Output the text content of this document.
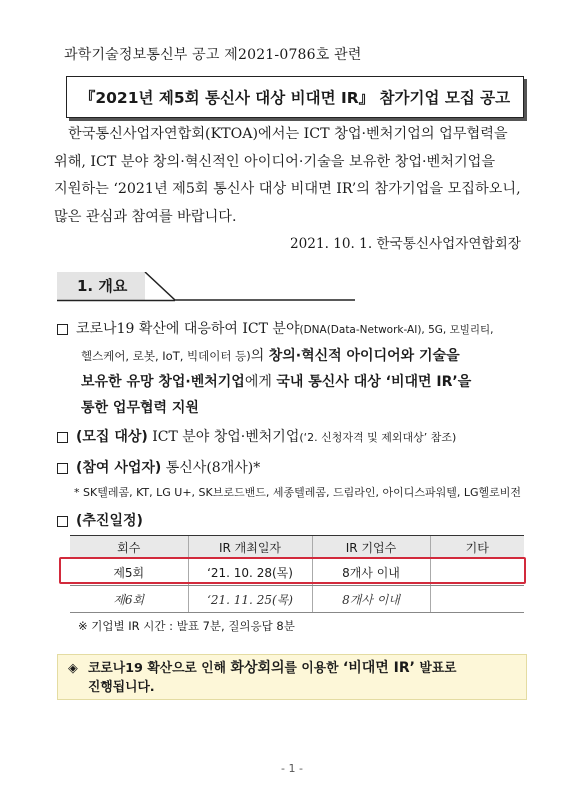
과학기술정보통신부 공고 제2021-0786호 관련
『2021년 제5회 통신사 대상 비대면 IR』 참가기업 모집 공고

한국통신사업자연합회(KTOA)에서는 ICT 창업·벤처기업의 업무협력을

위해, ICT 분야 창의·혁신적인 아이디어·기술을 보유한 창업·벤처기업을

지원하는 ‘2021년 제5회 통신사 대상 비대면 IR’의 참가기업을 모집하오니,

많은 관심과 참여를 바랍니다.

2021. 10. 1. 한국통신사업자연합회장
1. 개요
코로나19 확산에 대응하여 ICT 분야(DNA(Data-Network-AI), 5G, 모빌리티,
헬스케어, 로봇, IoT, 빅데이터 등)의 창의·혁신적 아이디어와 기술을
보유한 유망 창업·벤처기업에게 국내 통신사 대상 ‘비대면 IR’을
통한 업무협력 지원
(모집 대상) ICT 분야 창업·벤처기업(‘2. 신청자격 및 제외대상’ 참조)
(참여 사업자) 통신사(8개사)*
* SK텔레콤, KT, LG U+, SK브로드밴드, 세종텔레콤, 드림라인, 아이디스파워텔, LG헬로비전
(추진일정)
회수	IR 개최일자	IR 기업수	기타
제5회	‘21. 10. 28(목)	8개사 이내	
제6회	‘21. 11. 25(목)	8개사 이내	
※ 기업별 IR 시간 : 발표 7분, 질의응답 8분
◈ 코로나19 확산으로 인해 화상회의를 이용한 ‘비대면 IR’ 발표로
진행됩니다.
- 1 -
